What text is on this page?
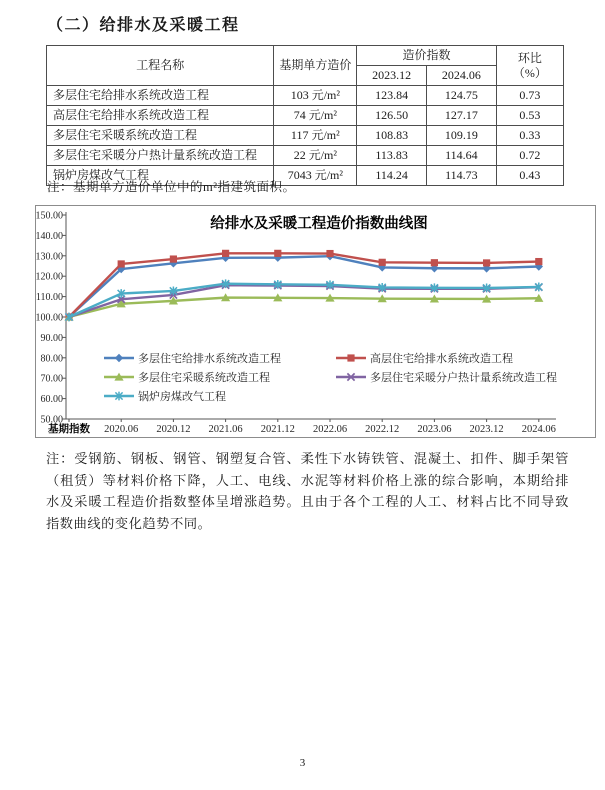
（二）给排水及采暖工程
工程名称	基期单方造价	造价指数		环比
（%）
		2023.12	2024.06	
多层住宅给排水系统改造工程	103 元/m²	123.84	124.75	0.73
高层住宅给排水系统改造工程	74 元/m²	126.50	127.17	0.53
多层住宅采暖系统改造工程	117 元/m²	108.83	109.19	0.33
多层住宅采暖分户热计量系统改造工程	22 元/m²	113.83	114.64	0.72
锅炉房煤改气工程	7043 元/m²	114.24	114.73	0.43
注：基期单方造价单位中的m²指建筑面积。
给排水及采暖工程造价指数曲线图
150.00
140.00
130.00
120.00
110.00
100.00
90.00
80.00
70.00
60.00
50.00
基期指数 2020.06 2020.12 2021.06 2021.12 2022.06 2022.12 2023.06 2023.12 2024.06
多层住宅给排水系统改造工程
多层住宅采暖系统改造工程
锅炉房煤改气工程
高层住宅给排水系统改造工程
多层住宅采暖分户热计量系统改造工程
注：受钢筋、钢板、钢管、钢塑复合管、柔性下水铸铁管、混凝土、扣件、脚手架管（租赁）等材料价格下降，人工、电线、水泥等材料价格上涨的综合影响，本期给排水及采暖工程造价指数整体呈增涨趋势。且由于各个工程的人工、材料占比不同导致指数曲线的变化趋势不同。
3
